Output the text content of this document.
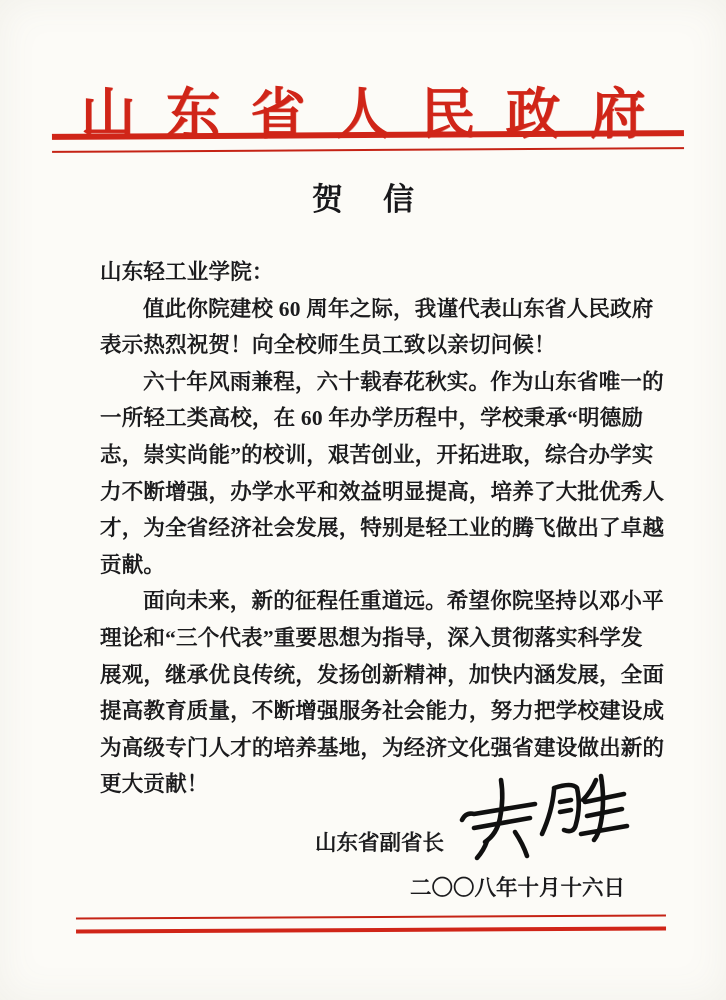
山东省人民政府
贺信
山东轻工业学院：
值此你院建校 60 周年之际，我谨代表山东省人民政府
表示热烈祝贺！向全校师生员工致以亲切问候！
六十年风雨兼程，六十载春花秋实。作为山东省唯一的
一所轻工类高校，在 60 年办学历程中，学校秉承“明德励
志，崇实尚能”的校训，艰苦创业，开拓进取，综合办学实
力不断增强，办学水平和效益明显提高，培养了大批优秀人
才，为全省经济社会发展，特别是轻工业的腾飞做出了卓越
贡献。
面向未来，新的征程任重道远。希望你院坚持以邓小平
理论和“三个代表”重要思想为指导，深入贯彻落实科学发
展观，继承优良传统，发扬创新精神，加快内涵发展，全面
提高教育质量，不断增强服务社会能力，努力把学校建设成
为高级专门人才的培养基地，为经济文化强省建设做出新的
更大贡献！
山东省副省长
二〇〇八年十月十六日
